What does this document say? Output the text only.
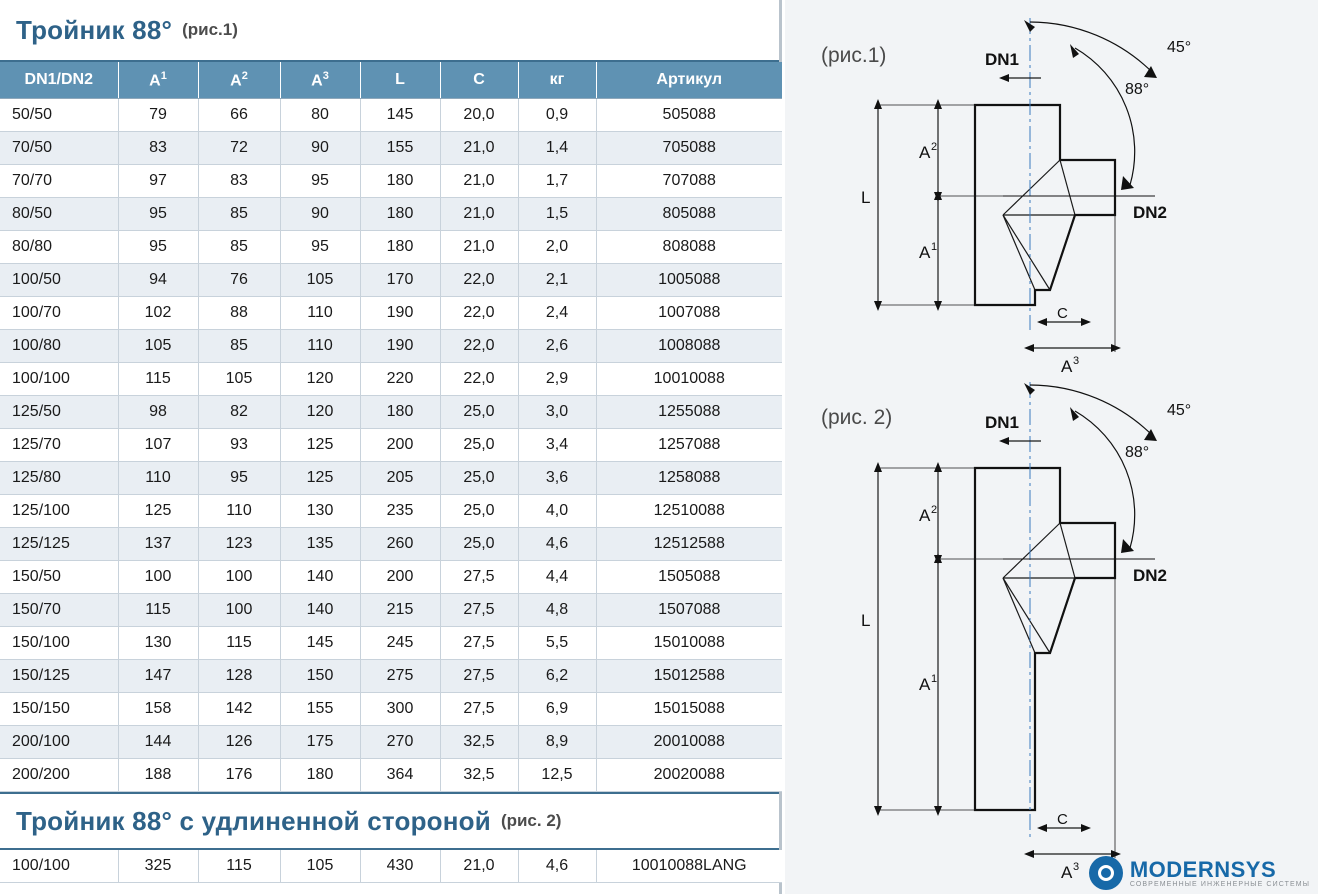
Тройник 88° (рис.1)
DN1/DN2	$A^1$	$A^2$	$A^3$	L	C	кг	Артикул
50/50	79	66	80	145	20,0	0,9	505088
70/50	83	72	90	155	21,0	1,4	705088
70/70	97	83	95	180	21,0	1,7	707088
80/50	95	85	90	180	21,0	1,5	805088
80/80	95	85	95	180	21,0	2,0	808088
100/50	94	76	105	170	22,0	2,1	1005088
100/70	102	88	110	190	22,0	2,4	1007088
100/80	105	85	110	190	22,0	2,6	1008088
100/100	115	105	120	220	22,0	2,9	10010088
125/50	98	82	120	180	25,0	3,0	1255088
125/70	107	93	125	200	25,0	3,4	1257088
125/80	110	95	125	205	25,0	3,6	1258088
125/100	125	110	130	235	25,0	4,0	12510088
125/125	137	123	135	260	25,0	4,6	12512588
150/50	100	100	140	200	27,5	4,4	1505088
150/70	115	100	140	215	27,5	4,8	1507088
150/100	130	115	145	245	27,5	5,5	15010088
150/125	147	128	150	275	27,5	6,2	15012588
150/150	158	142	155	300	27,5	6,9	15015088
200/100	144	126	175	270	32,5	8,9	20010088
200/200	188	176	180	364	32,5	12,5	20020088
Тройник 88° с удлиненной стороной (рис. 2)
100/100	325	115	105	430	21,0	4,6	10010088LANG
(рис.1)
(рис. 2)
DN1
DN2
45°
88°
L
A 2
A 1
C
A 3
DN1
DN2
45°
88°
L
A 2
A 1
C
A 3 MODERNSYS
СОВРЕМЕННЫЕ ИНЖЕНЕРНЫЕ СИСТЕМЫ
